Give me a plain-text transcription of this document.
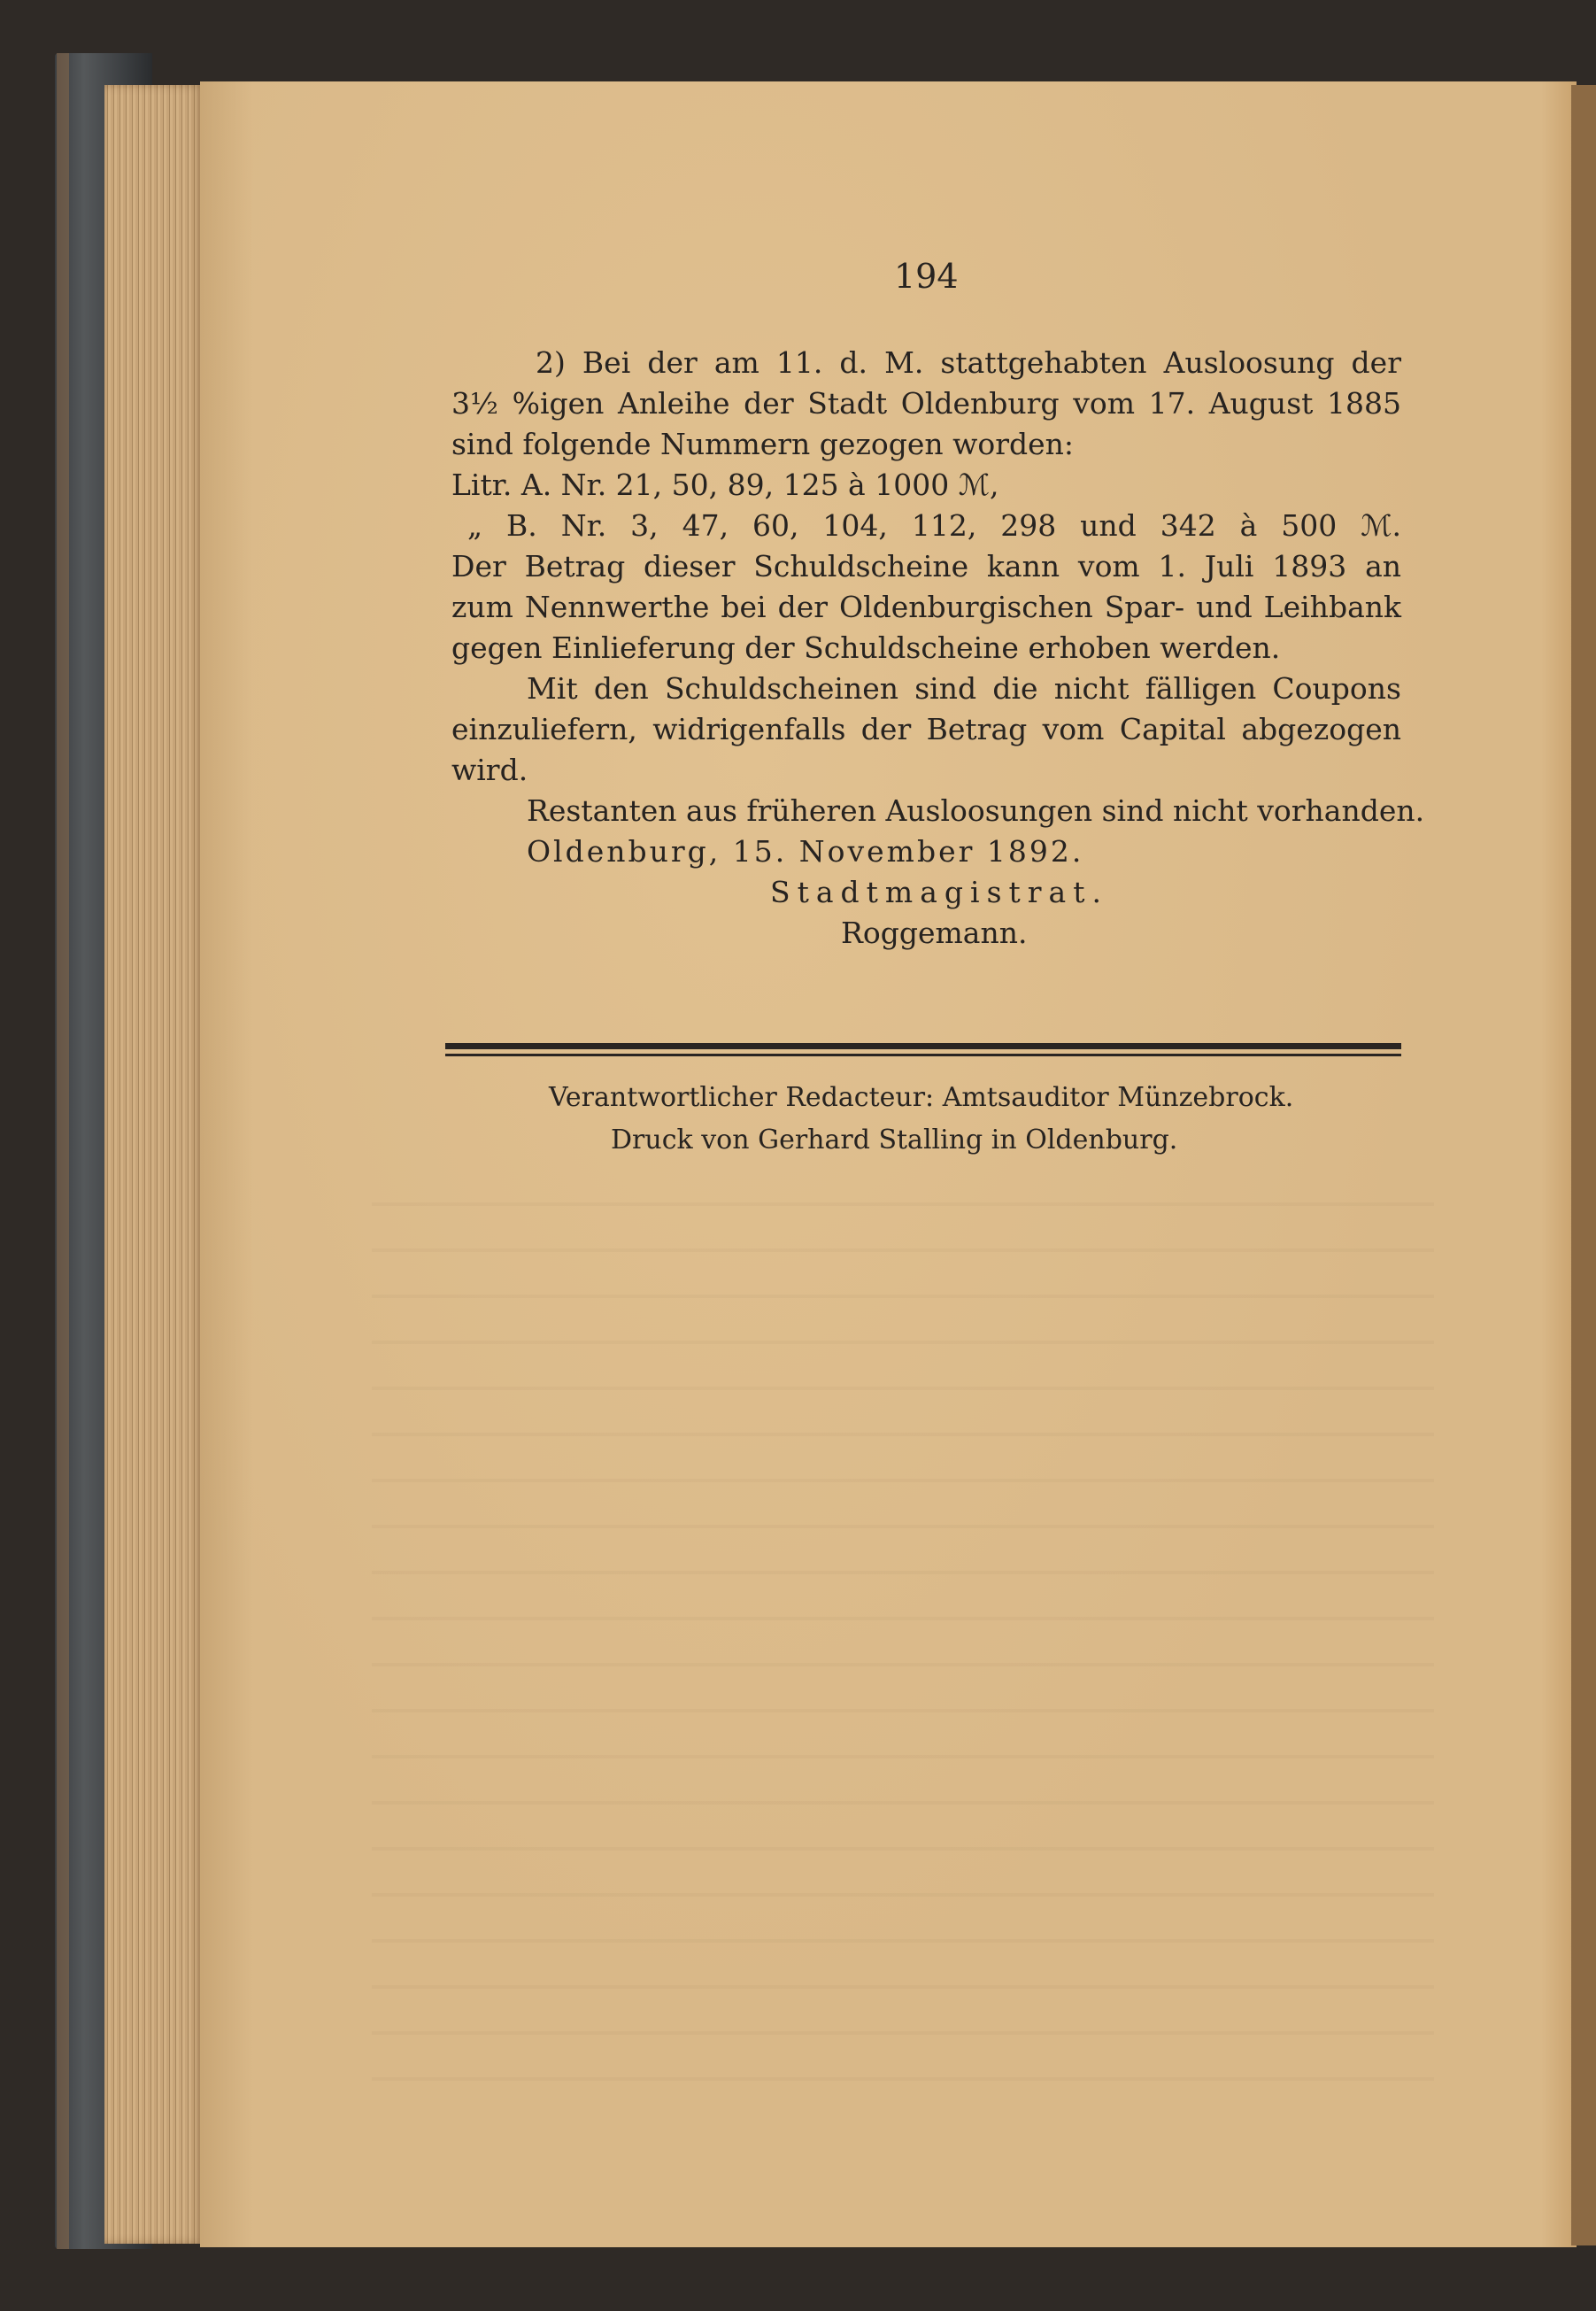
194
2) Bei der am 11. d. M. stattgehabten Ausloosung der
3½ %igen Anleihe der Stadt Oldenburg vom 17. August 1885
sind folgende Nummern gezogen worden:
Litr. A. Nr. 21, 50, 89, 125 à 1000 ℳ,
„ B. Nr. 3, 47, 60, 104, 112, 298 und 342 à 500 ℳ.
Der Betrag dieser Schuldscheine kann vom 1. Juli 1893 an
zum Nennwerthe bei der Oldenburgischen Spar- und Leihbank
gegen Einlieferung der Schuldscheine erhoben werden.
Mit den Schuldscheinen sind die nicht fälligen Coupons
einzuliefern, widrigenfalls der Betrag vom Capital abgezogen
wird.
Restanten aus früheren Ausloosungen sind nicht vorhanden.
Oldenburg, 15. November 1892.
Stadtmagistrat.
Roggemann.
Verantwortlicher Redacteur: Amtsauditor Münzebrock.
Druck von Gerhard Stalling in Oldenburg.
